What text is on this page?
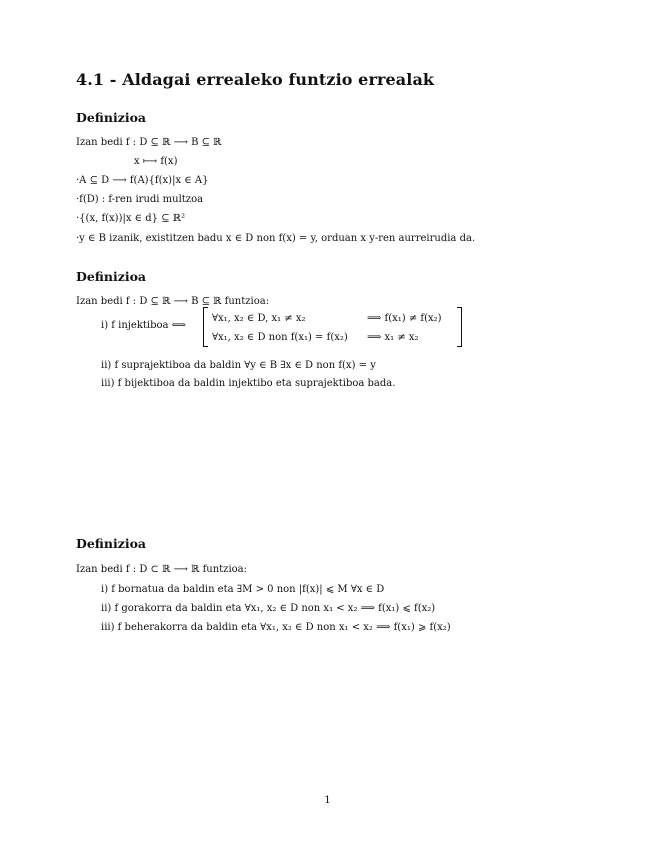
4.1 - Aldagai errealeko funtzio errealak
Definizioa
Izan bedi f : D ⊆ ℝ ⟶ B ⊆ ℝ
x ⟼ f(x)
·A ⊆ D ⟶ f(A){f(x)|x ∈ A}
·f(D) : f-ren irudi multzoa
·{(x, f(x))|x ∈ d} ⊆ ℝ²
·y ∈ B izanik, existitzen badu x ∈ D non f(x) = y, orduan x y-ren aurreirudia da.
Definizioa
Izan bedi f : D ⊆ ℝ ⟶ B ⊆ ℝ funtzioa:
i) f injektiboa ⟺
∀x₁, x₂ ∈ D, x₁ ≠ x₂	⟹ f(x₁) ≠ f(x₂)
∀x₁, x₂ ∈ D non f(x₁) = f(x₂) ⟹ x₁ ≠ x₂
ii) f suprajektiboa da baldin ∀y ∈ B ∃x ∈ D non f(x) = y
iii) f bijektiboa da baldin injektibo eta suprajektiboa bada.
Definizioa
Izan bedi f : D ⊂ ℝ ⟶ ℝ funtzioa:
i) f bornatua da baldin eta ∃M > 0 non |f(x)| ⩽ M ∀x ∈ D
ii) f gorakorra da baldin eta ∀x₁, x₂ ∈ D non x₁ < x₂ ⟹ f(x₁) ⩽ f(x₂)
iii) f beherakorra da baldin eta ∀x₁, x₂ ∈ D non x₁ < x₂ ⟹ f(x₁) ⩾ f(x₂)
1
